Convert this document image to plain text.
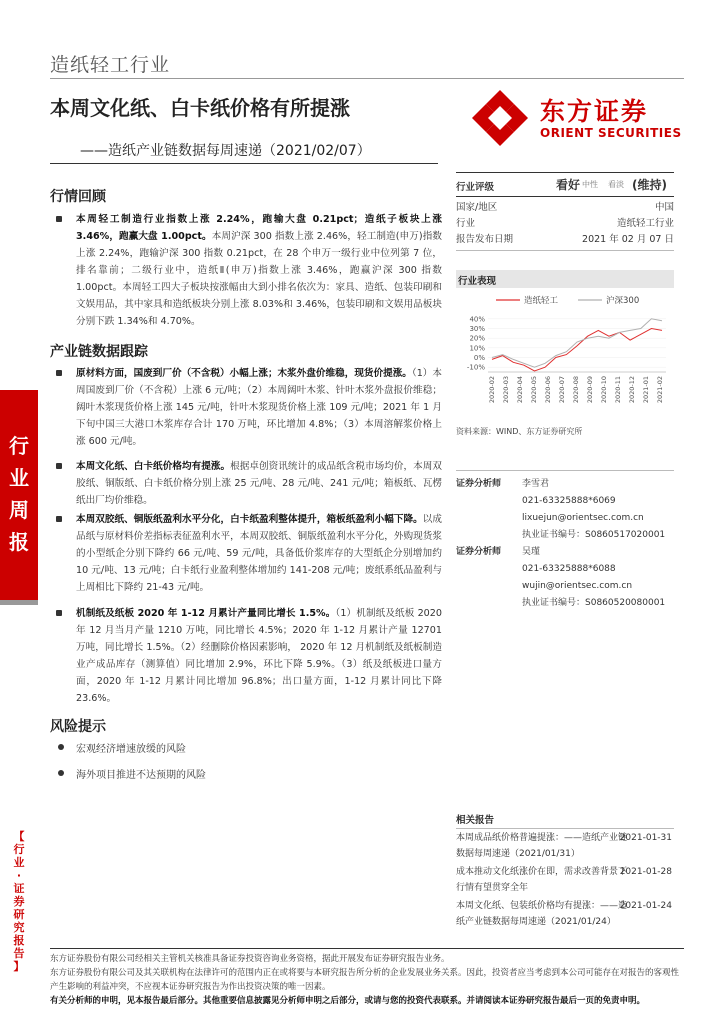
造纸轻工行业
本周文化纸、白卡纸价格有所提涨
——造纸产业链数据每周速递（2021/02/07）
东方证券
ORIENT SECURITIES
行
业
周
报
【
行
业
·
证
券
研
究
报
告
】
行情回顾
本周轻工制造行业指数上涨 2.24%，跑输大盘 0.21pct；造纸子板块上涨 3.46%，跑赢大盘 1.00pct。本周沪深 300 指数上涨 2.46%，轻工制造(申万)指数上涨 2.24%，跑输沪深 300 指数 0.21pct，在 28 个申万一级行业中位列第 7 位，排名靠前；二级行业中，造纸Ⅱ(申万)指数上涨 3.46%，跑赢沪深 300 指数 1.00pct。本周轻工四大子板块按涨幅由大到小排名依次为：家具、造纸、包装印刷和文娱用品，其中家具和造纸板块分别上涨 8.03%和 3.46%，包装印刷和文娱用品板块分别下跌 1.34%和 4.70%。
产业链数据跟踪
原材料方面，国废到厂价（不含税）小幅上涨；木浆外盘价维稳，现货价提涨。（1）本周国废到厂价（不含税）上涨 6 元/吨；（2）本周阔叶木浆、针叶木浆外盘报价维稳；阔叶木浆现货价格上涨 145 元/吨，针叶木浆现货价格上涨 109 元/吨；2021 年 1 月下旬中国三大港口木浆库存合计 170 万吨，环比增加 4.8%；（3）本周溶解浆价格上涨 600 元/吨。
本周文化纸、白卡纸价格均有提涨。根据卓创资讯统计的成品纸含税市场均价，本周双胶纸、铜版纸、白卡纸价格分别上涨 25 元/吨、28 元/吨、241 元/吨；箱板纸、瓦楞纸出厂均价维稳。
本周双胶纸、铜版纸盈利水平分化，白卡纸盈利整体提升，箱板纸盈利小幅下降。以成品纸与原材料价差指标表征盈利水平，本周双胶纸、铜版纸盈利水平分化，外购现货浆的小型纸企分别下降约 66 元/吨、59 元/吨，具备低价浆库存的大型纸企分别增加约 10 元/吨、13 元/吨；白卡纸行业盈利整体增加约 141-208 元/吨；废纸系纸品盈利与上周相比下降约 21-43 元/吨。
机制纸及纸板 2020 年 1-12 月累计产量同比增长 1.5%。（1）机制纸及纸板 2020 年 12 月当月产量 1210 万吨，同比增长 4.5%；2020 年 1-12 月累计产量 12701 万吨，同比增长 1.5%。（2）经删除价格因素影响， 2020 年 12 月机制纸及纸板制造业产成品库存（测算值）同比增加 2.9%，环比下降 5.9%。（3）纸及纸板进口量方面，2020 年 1-12 月累计同比增加 96.8%；出口量方面，1-12 月累计同比下降 23.6%。
风险提示
宏观经济增速放缓的风险
海外项目推进不达预期的风险
行业评级	看好 中性 看淡 (维持)
国家/地区	中国
行业	造纸轻工行业
报告发布日期	2021 年 02 月 07 日
行业表现
造纸轻工	沪深300
40%
30%
20%
10%
0%
-10%
2020-02 2020-03 2020-04 2020-05 2020-06 2020-07 2020-08 2020-09 2020-10 2020-11 2020-12 2021-01 2021-02
资料来源：WIND、东方证券研究所
证券分析师 李雪君
021-63325888*6069
lixuejun@orientsec.com.cn
执业证书编号：S0860517020001
证券分析师 吴瑾
021-63325888*6088
wujin@orientsec.com.cn
执业证书编号：S0860520080001
相关报告
本周成品纸价格普遍提涨：——造纸产业链
数据每周速递（2021/01/31）
2021-01-31
成本推动文化纸涨价在即，需求改善背景下
行情有望贯穿全年
2021-01-28
本周文化纸、包装纸价格均有提涨：——造
纸产业链数据每周速递（2021/01/24）
2021-01-24
东方证券股份有限公司经相关主管机关核准具备证券投资咨询业务资格，据此开展发布证券研究报告业务。
东方证券股份有限公司及其关联机构在法律许可的范围内正在或将要与本研究报告所分析的企业发展业务关系。因此，投资者应当考虑到本公司可能存在对报告的客观性产生影响的利益冲突，不应视本证券研究报告为作出投资决策的唯一因素。
有关分析师的申明，见本报告最后部分。其他重要信息披露见分析师申明之后部分，或请与您的投资代表联系。并请阅读本证券研究报告最后一页的免责申明。
